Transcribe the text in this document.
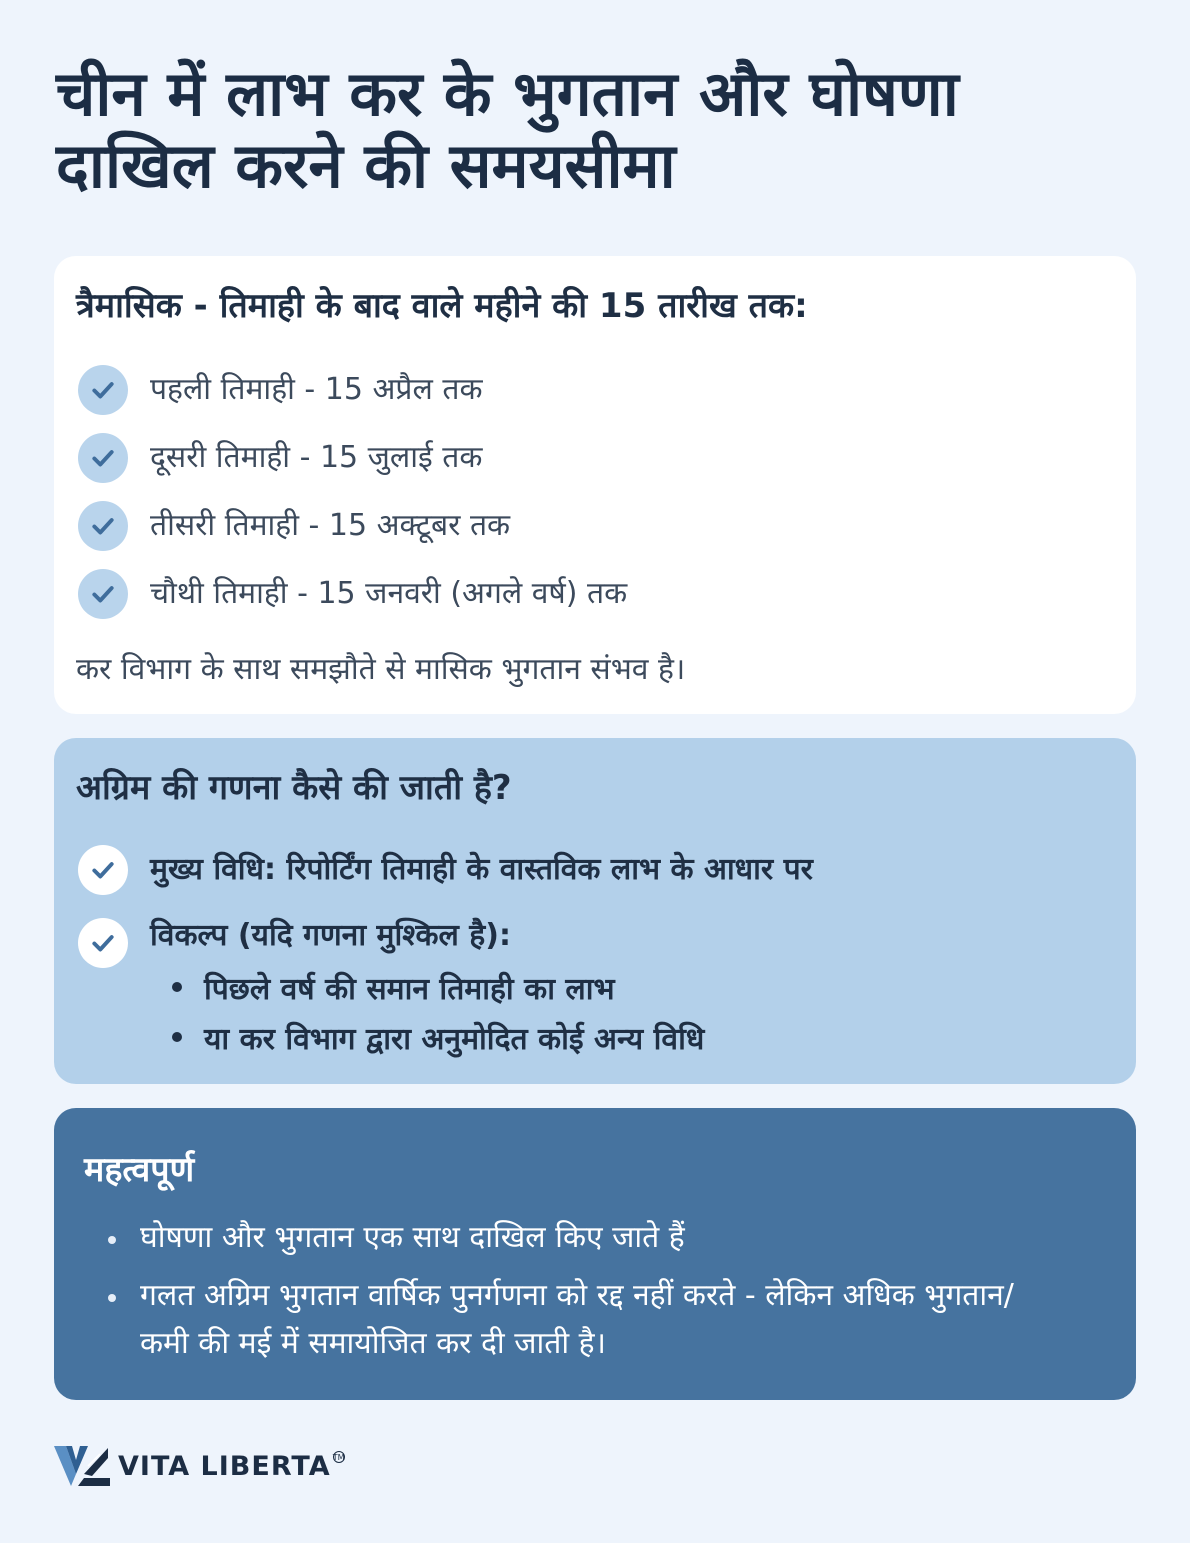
चीन में लाभ कर के भुगतान और घोषणा दाखिल करने की समयसीमा
त्रैमासिक - तिमाही के बाद वाले महीने की 15 तारीख तक:
पहली तिमाही - 15 अप्रैल तक
दूसरी तिमाही - 15 जुलाई तक
तीसरी तिमाही - 15 अक्टूबर तक
चौथी तिमाही - 15 जनवरी (अगले वर्ष) तक

कर विभाग के साथ समझौते से मासिक भुगतान संभव है।

अग्रिम की गणना कैसे की जाती है?
मुख्य विधि: रिपोर्टिंग तिमाही के वास्तविक लाभ के आधार पर
विकल्प (यदि गणना मुश्किल है):
पिछले वर्ष की समान तिमाही का लाभ
या कर विभाग द्वारा अनुमोदित कोई अन्य विधि
महत्वपूर्ण
घोषणा और भुगतान एक साथ दाखिल किए जाते हैं
गलत अग्रिम भुगतान वार्षिक पुनर्गणना को रद्द नहीं करते - लेकिन अधिक भुगतान/कमी की मई में समायोजित कर दी जाती है।
VITA LIBERTA TM
